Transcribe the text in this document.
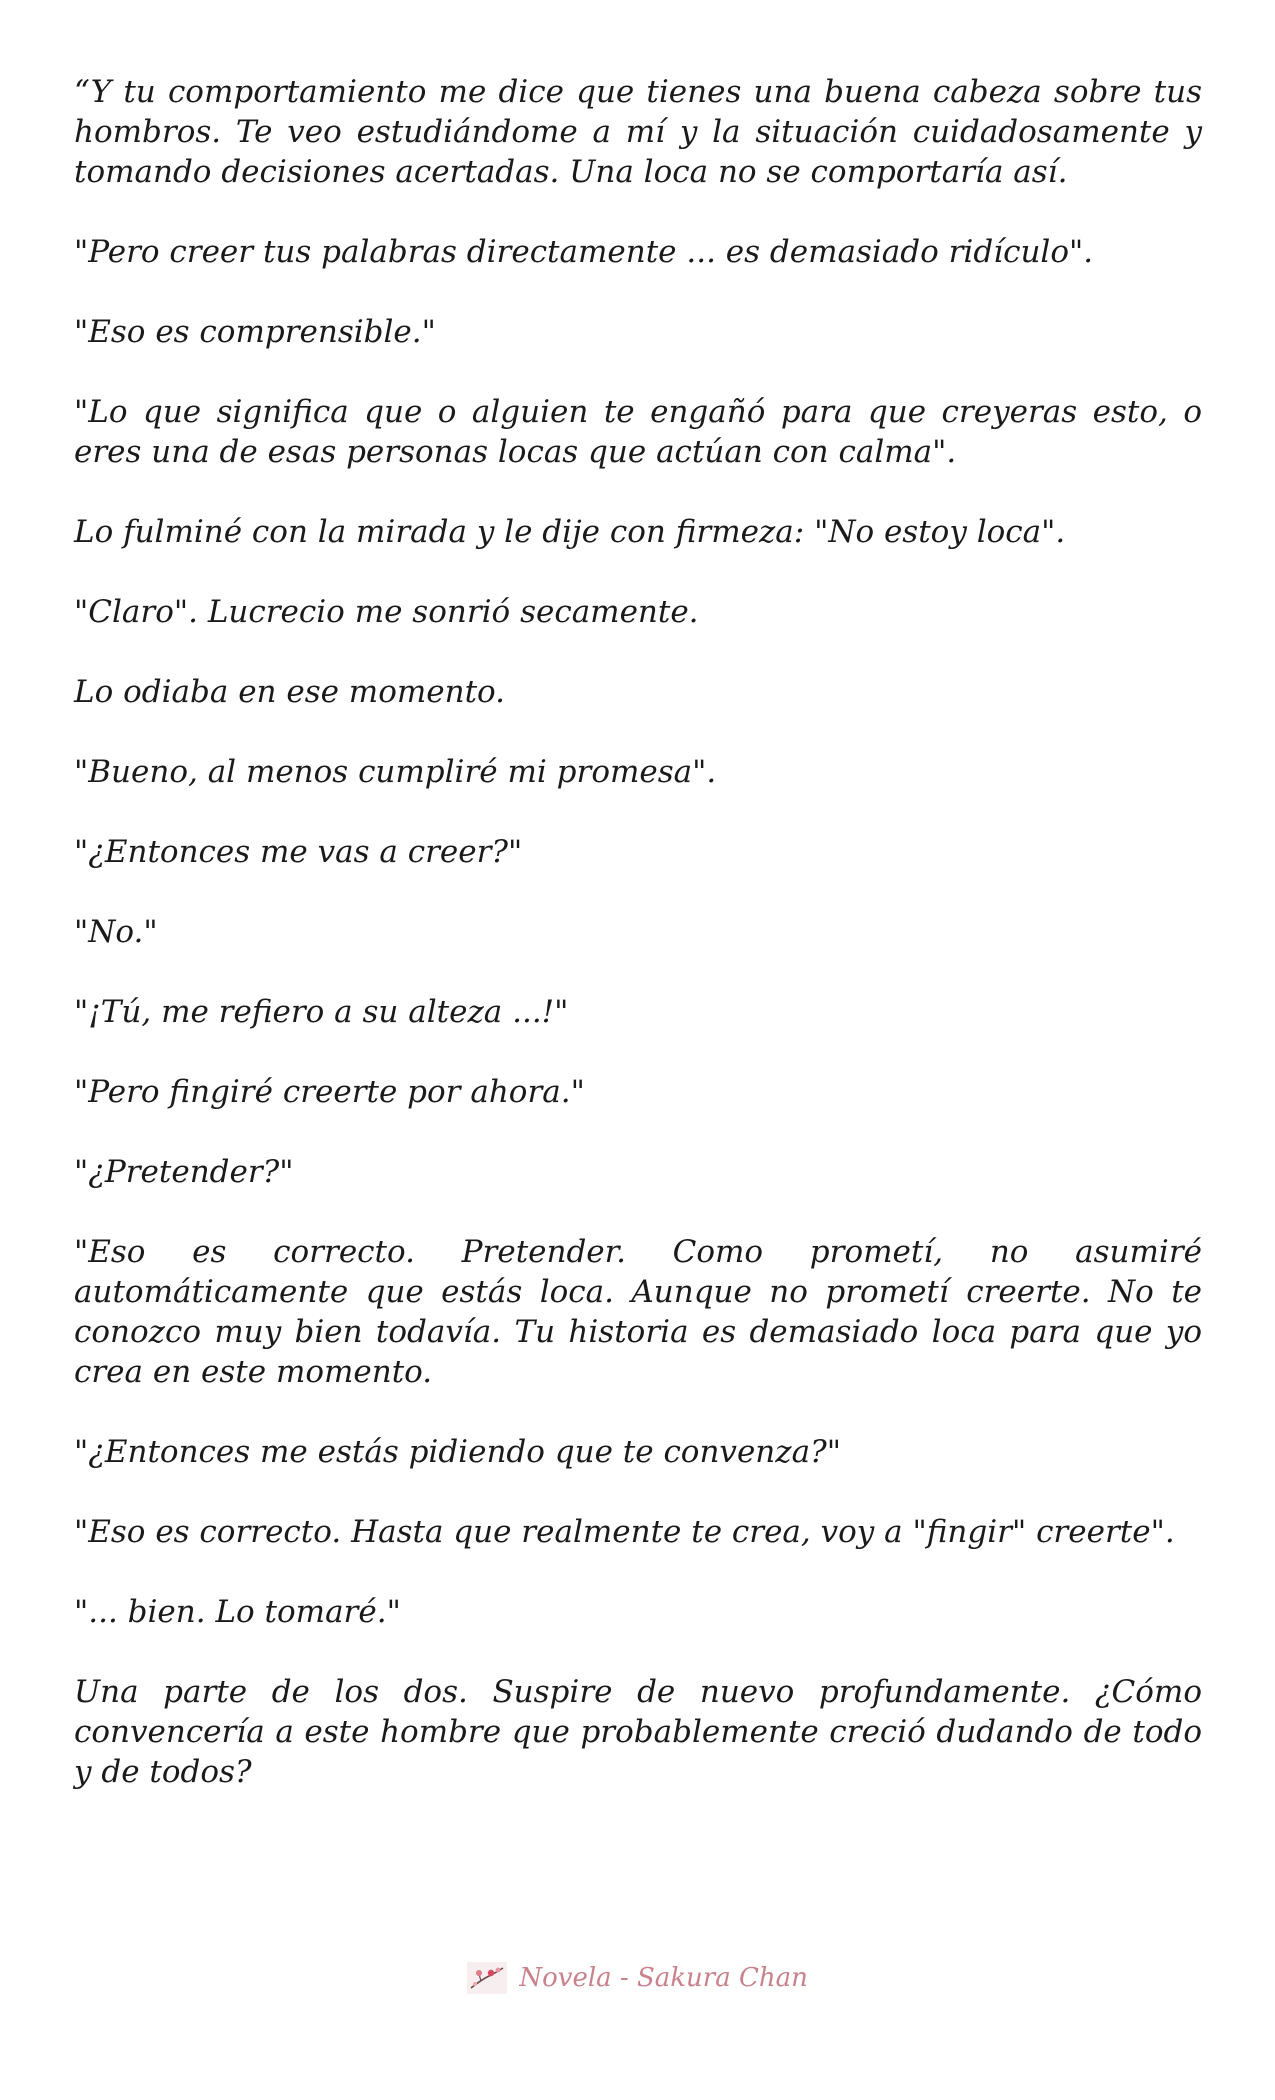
“Y tu comportamiento me dice que tienes una buena cabeza sobre tus hombros. Te veo estudiándome a mí y la situación cuidadosamente y tomando decisiones acertadas. Una loca no se comportaría así.

"Pero creer tus palabras directamente ... es demasiado ridículo".

"Eso es comprensible."

"Lo que significa que o alguien te engañó para que creyeras esto, o eres una de esas personas locas que actúan con calma".

Lo fulminé con la mirada y le dije con firmeza: "No estoy loca".

"Claro". Lucrecio me sonrió secamente.

Lo odiaba en ese momento.

"Bueno, al menos cumpliré mi promesa".

"¿Entonces me vas a creer?"

"No."

"¡Tú, me refiero a su alteza ...!"

"Pero fingiré creerte por ahora."

"¿Pretender?"

"Eso es correcto. Pretender. Como prometí, no asumiré automáticamente que estás loca. Aunque no prometí creerte. No te conozco muy bien todavía. Tu historia es demasiado loca para que yo crea en este momento.

"¿Entonces me estás pidiendo que te convenza?"

"Eso es correcto. Hasta que realmente te crea, voy a "fingir" creerte".

"... bien. Lo tomaré."

Una parte de los dos. Suspire de nuevo profundamente. ¿Cómo convencería a este hombre que probablemente creció dudando de todo y de todos?

Novela - Sakura Chan
